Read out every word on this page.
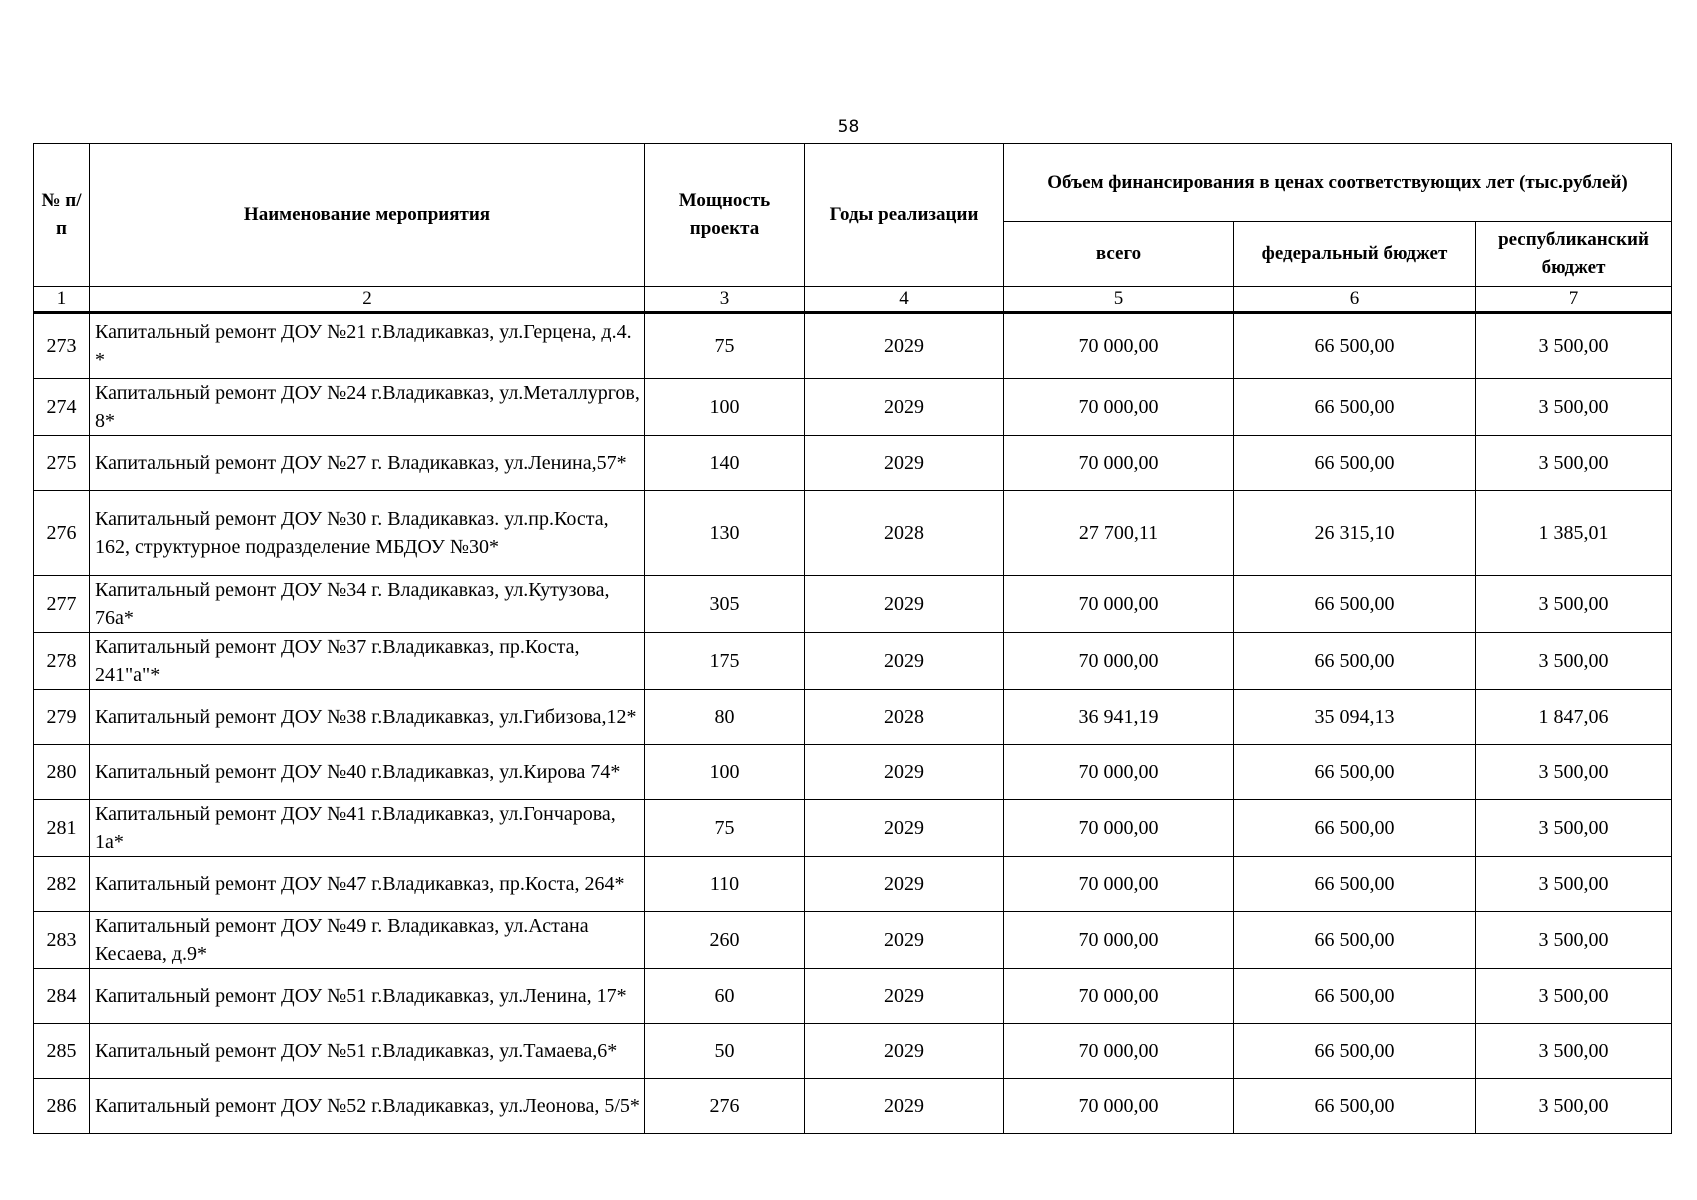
58
№ п/п	Наименование мероприятия	Мощность проекта	Годы реализации	Объем финансирования в ценах соответствующих лет (тыс.рублей)		
				всего	федеральный бюджет	республиканский бюджет
1	2	3	4	5	6	7
273	Капитальный ремонт ДОУ №21 г.Владикавказ, ул.Герцена, д.4. *	75	2029	70 000,00	66 500,00	3 500,00
274	Капитальный ремонт ДОУ №24 г.Владикавказ, ул.Металлургов, 8*	100	2029	70 000,00	66 500,00	3 500,00
275	Капитальный ремонт ДОУ №27 г. Владикавказ, ул.Ленина,57*	140	2029	70 000,00	66 500,00	3 500,00
276	Капитальный ремонт ДОУ №30 г. Владикавказ. ул.пр.Коста, 162, структурное подразделение МБДОУ №30*	130	2028	27 700,11	26 315,10	1 385,01
277	Капитальный ремонт ДОУ №34 г. Владикавказ, ул.Кутузова, 76а*	305	2029	70 000,00	66 500,00	3 500,00
278	Капитальный ремонт ДОУ №37 г.Владикавказ, пр.Коста, 241"а"*	175	2029	70 000,00	66 500,00	3 500,00
279	Капитальный ремонт ДОУ №38 г.Владикавказ, ул.Гибизова,12*	80	2028	36 941,19	35 094,13	1 847,06
280	Капитальный ремонт ДОУ №40 г.Владикавказ, ул.Кирова 74*	100	2029	70 000,00	66 500,00	3 500,00
281	Капитальный ремонт ДОУ №41 г.Владикавказ, ул.Гончарова, 1а*	75	2029	70 000,00	66 500,00	3 500,00
282	Капитальный ремонт ДОУ №47 г.Владикавказ, пр.Коста, 264*	110	2029	70 000,00	66 500,00	3 500,00
283	Капитальный ремонт ДОУ №49 г. Владикавказ, ул.Астана Кесаева, д.9*	260	2029	70 000,00	66 500,00	3 500,00
284	Капитальный ремонт ДОУ №51 г.Владикавказ, ул.Ленина, 17*	60	2029	70 000,00	66 500,00	3 500,00
285	Капитальный ремонт ДОУ №51 г.Владикавказ, ул.Тамаева,6*	50	2029	70 000,00	66 500,00	3 500,00
286	Капитальный ремонт ДОУ №52 г.Владикавказ, ул.Леонова, 5/5*	276	2029	70 000,00	66 500,00	3 500,00
